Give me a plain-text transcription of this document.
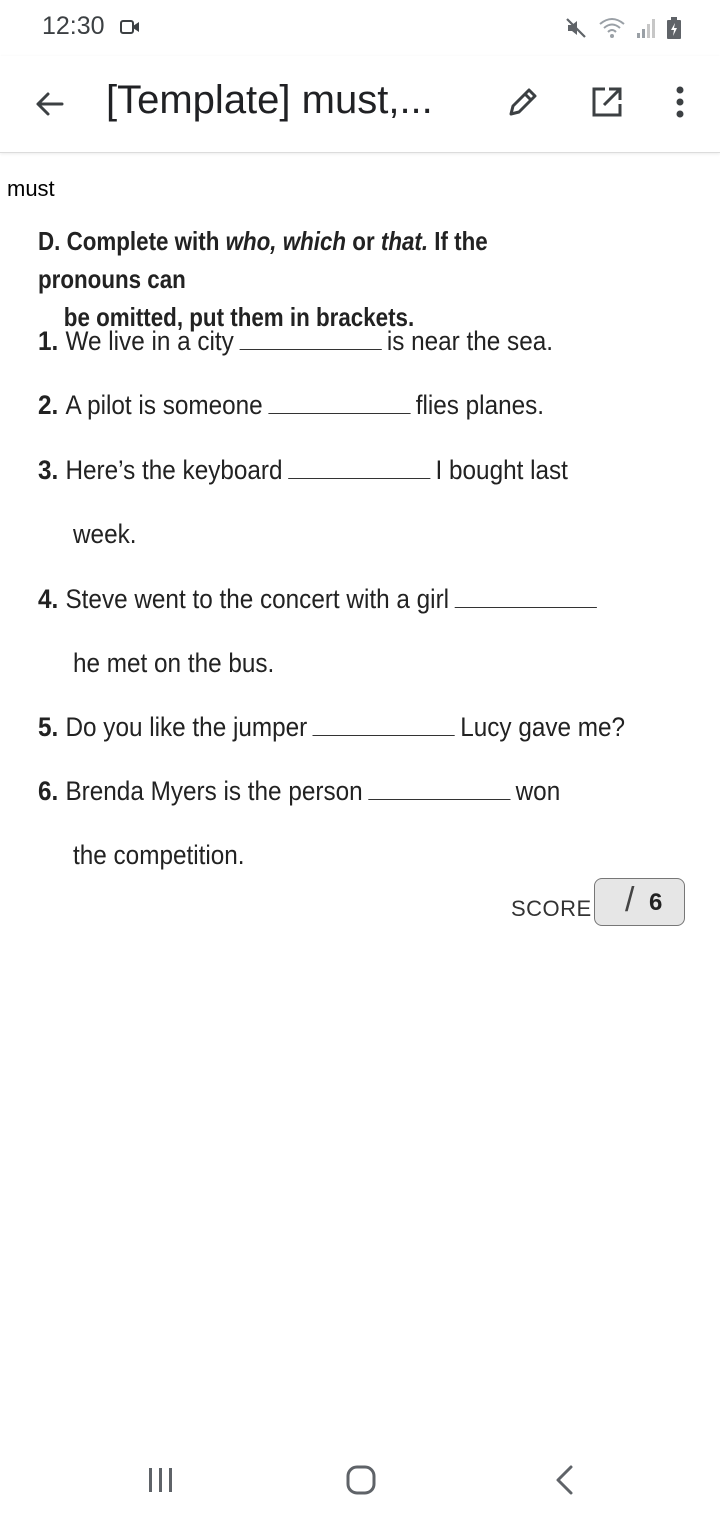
12:30
[Template] must,...
must
D. Complete with who, which or that. If the pronouns can
be omitted, put them in brackets.
1. We live in a city	is near the sea.
2. A pilot is someone	flies planes.
3. Here’s the keyboard	I bought last
week.
4. Steve went to the concert with a girl
he met on the bus.
5. Do you like the jumper	Lucy gave me?
6. Brenda Myers is the person	won
the competition.
SCORE / 6
